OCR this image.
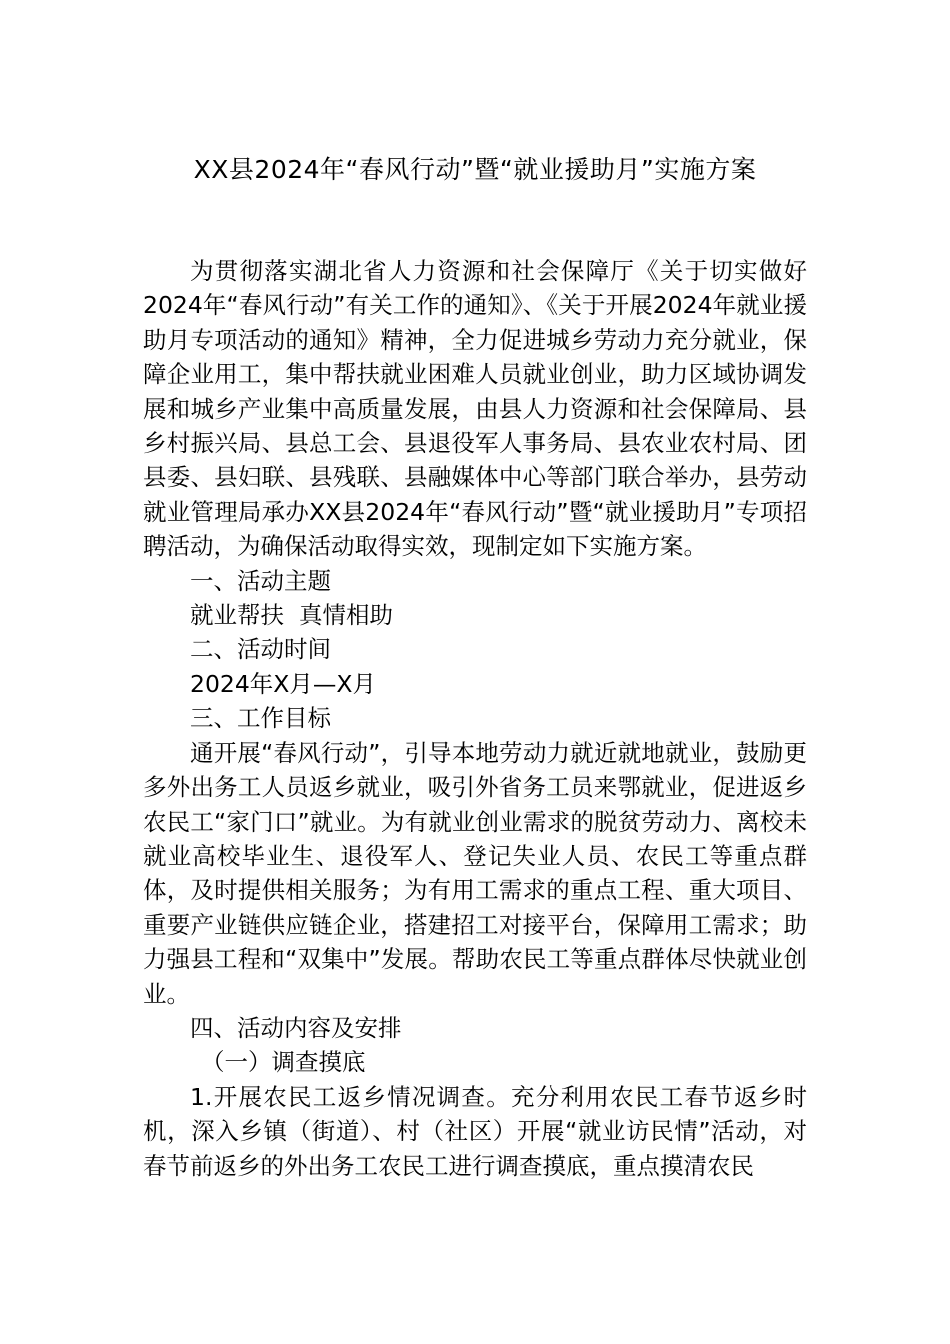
XX县2024年“春风行动”暨“就业援助月”实施方案

为贯彻落实湖北省人力资源和社会保障厅《关于切实做好2024年“春风行动”有关工作的通知》、《关于开展2024年就业援助月专项活动的通知》精神，全力促进城乡劳动力充分就业，保障企业用工，集中帮扶就业困难人员就业创业，助力区域协调发展和城乡产业集中高质量发展，由县人力资源和社会保障局、县乡村振兴局、县总工会、县退役军人事务局、县农业农村局、团县委、县妇联、县残联、县融媒体中心等部门联合举办，县劳动就业管理局承办XX县2024年“春风行动”暨“就业援助月”专项招聘活动，为确保活动取得实效，现制定如下实施方案。

一、活动主题

就业帮扶  真情相助

二、活动时间

2024年X月—X月

三、工作目标

通开展“春风行动”，引导本地劳动力就近就地就业，鼓励更多外出务工人员返乡就业，吸引外省务工员来鄂就业，促进返乡农民工“家门口”就业。为有就业创业需求的脱贫劳动力、离校未就业高校毕业生、退役军人、登记失业人员、农民工等重点群体，及时提供相关服务；为有用工需求的重点工程、重大项目、重要产业链供应链企业，搭建招工对接平台，保障用工需求；助力强县工程和“双集中”发展。帮助农民工等重点群体尽快就业创业。

四、活动内容及安排

（一）调查摸底

1.开展农民工返乡情况调查。充分利用农民工春节返乡时机，深入乡镇（街道）、村（社区）开展“就业访民情”活动，对春节前返乡的外出务工农民工进行调查摸底，重点摸清农民
